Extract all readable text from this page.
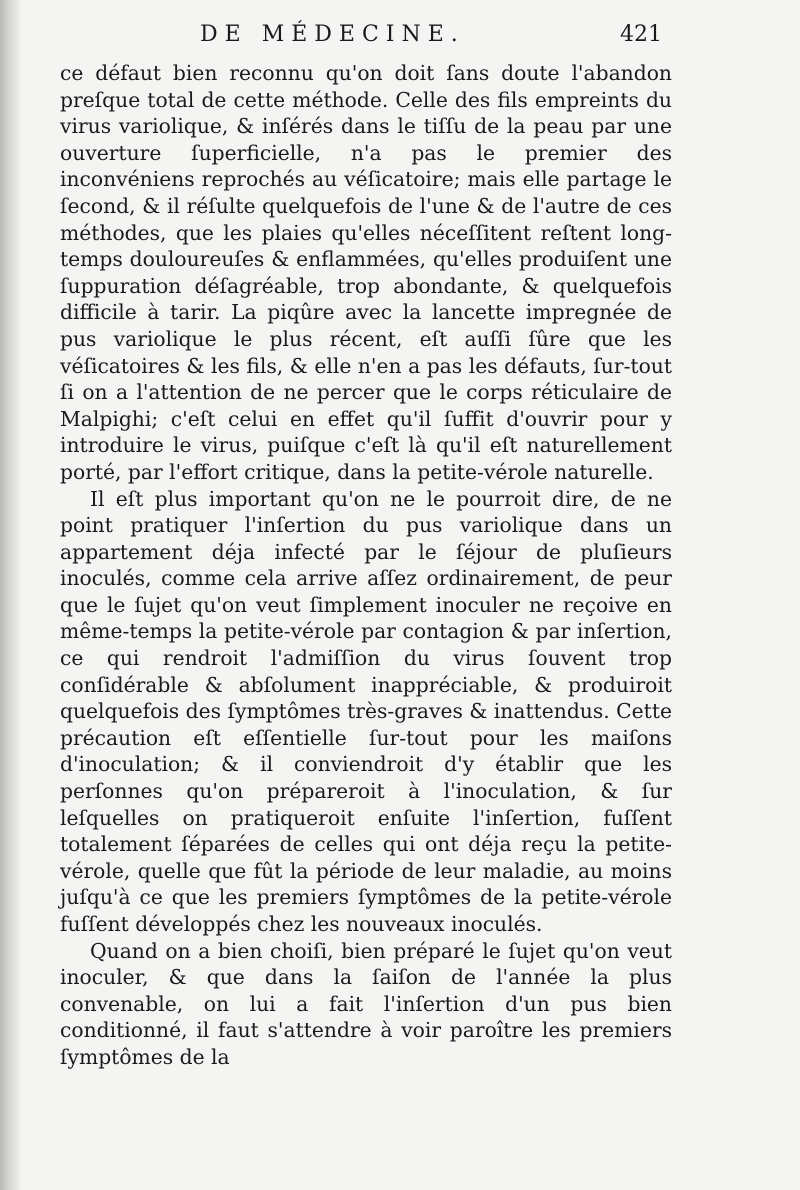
DE MÉDECINE.	421

ce défaut bien reconnu qu'on doit ſans doute l'abandon preſque total de cette méthode. Celle des fils empreints du virus variolique, & inſérés dans le tiſſu de la peau par une ouverture ſuperficielle, n'a pas le premier des inconvéniens reprochés au véſicatoire; mais elle partage le ſecond, & il réſulte quelquefois de l'une & de l'autre de ces méthodes, que les plaies qu'elles néceſſitent reſtent long-temps douloureuſes & enflammées, qu'elles produiſent une ſuppuration déſagréable, trop abondante, & quelquefois difficile à tarir. La piqûre avec la lancette impregnée de pus variolique le plus récent, eſt auſſi ſûre que les véſicatoires & les fils, & elle n'en a pas les défauts, ſur-tout ſi on a l'attention de ne percer que le corps réticulaire de Malpighi; c'eſt celui en effet qu'il ſuffit d'ouvrir pour y introduire le virus, puiſque c'eſt là qu'il eſt naturellement porté, par l'effort critique, dans la petite-vérole naturelle.

Il eſt plus important qu'on ne le pourroit dire, de ne point pratiquer l'inſertion du pus variolique dans un appartement déja infecté par le ſéjour de pluſieurs inoculés, comme cela arrive aſſez ordinairement, de peur que le ſujet qu'on veut ſimplement inoculer ne reçoive en même-temps la petite-vérole par contagion & par inſertion, ce qui rendroit l'admiſſion du virus ſouvent trop conſidérable & abſolument inappréciable, & produiroit quelquefois des ſymptômes très-graves & inattendus. Cette précaution eſt eſſentielle ſur-tout pour les maiſons d'inoculation; & il conviendroit d'y établir que les perſonnes qu'on prépareroit à l'inoculation, & ſur leſquelles on pratiqueroit enſuite l'inſertion, fuſſent totalement ſéparées de celles qui ont déja reçu la petite-vérole, quelle que fût la période de leur maladie, au moins juſqu'à ce que les premiers ſymptômes de la petite-vérole fuſſent développés chez les nouveaux inoculés.

Quand on a bien choiſi, bien préparé le ſujet qu'on veut inoculer, & que dans la ſaiſon de l'année la plus convenable, on lui a fait l'inſertion d'un pus bien conditionné, il faut s'attendre à voir paroître les premiers ſymptômes de la
